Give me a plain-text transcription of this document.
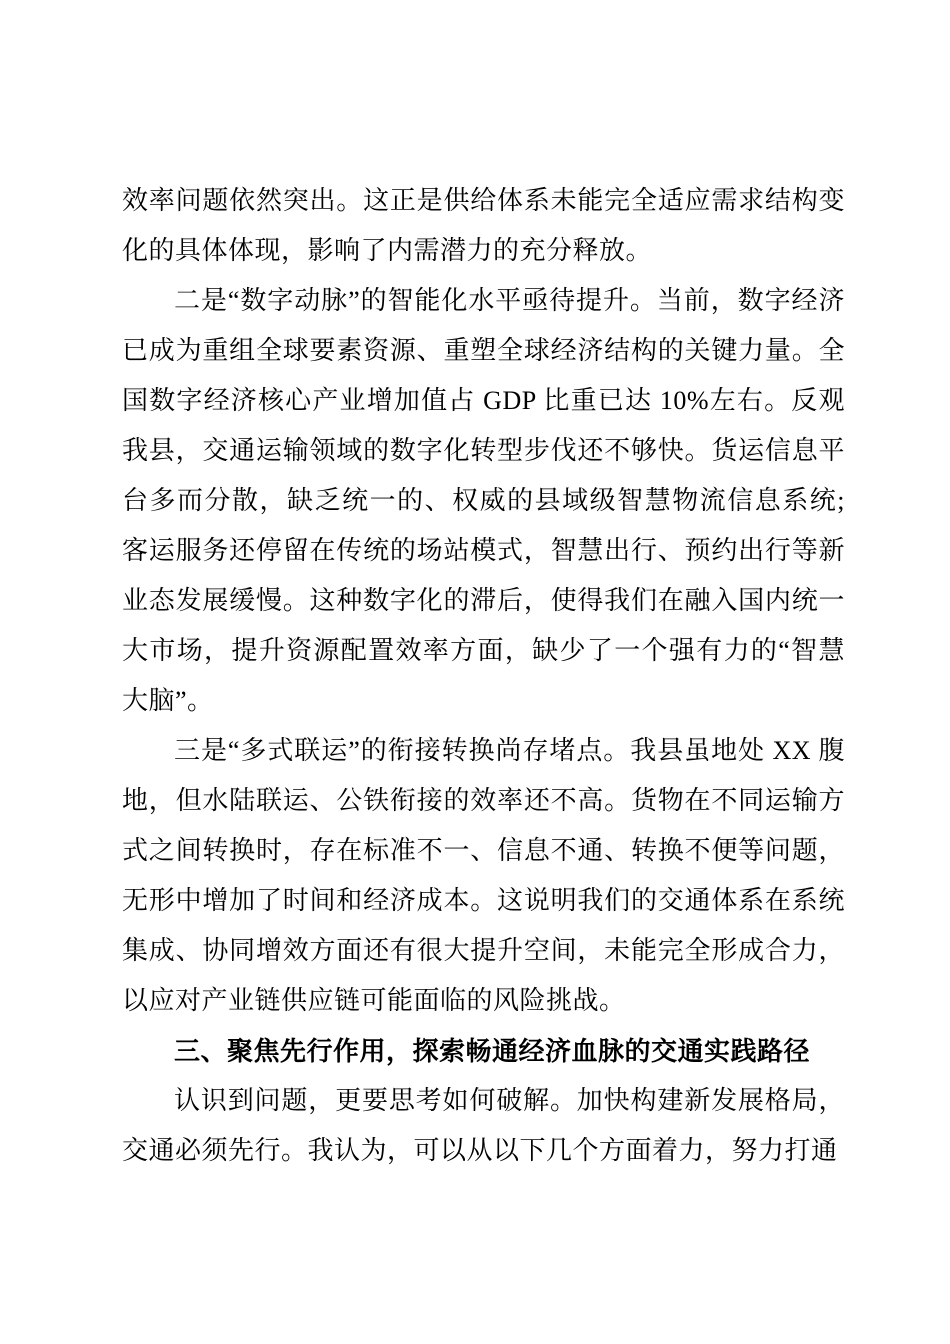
效率问题依然突出。这正是供给体系未能完全适应需求结构变化的具体体现，影响了内需潜力的充分释放。

二是“数字动脉”的智能化水平亟待提升。当前，数字经济已成为重组全球要素资源、重塑全球经济结构的关键力量。全国数字经济核心产业增加值占 GDP 比重已达 10%左右。反观我县，交通运输领域的数字化转型步伐还不够快。货运信息平台多而分散，缺乏统一的、权威的县域级智慧物流信息系统;客运服务还停留在传统的场站模式，智慧出行、预约出行等新业态发展缓慢。这种数字化的滞后，使得我们在融入国内统一大市场，提升资源配置效率方面，缺少了一个强有力的“智慧大脑”。

三是“多式联运”的衔接转换尚存堵点。我县虽地处 XX 腹地，但水陆联运、公铁衔接的效率还不高。货物在不同运输方式之间转换时，存在标准不一、信息不通、转换不便等问题，无形中增加了时间和经济成本。这说明我们的交通体系在系统集成、协同增效方面还有很大提升空间，未能完全形成合力，以应对产业链供应链可能面临的风险挑战。

三、聚焦先行作用，探索畅通经济血脉的交通实践路径

认识到问题，更要思考如何破解。加快构建新发展格局，交通必须先行。我认为，可以从以下几个方面着力，努力打通
